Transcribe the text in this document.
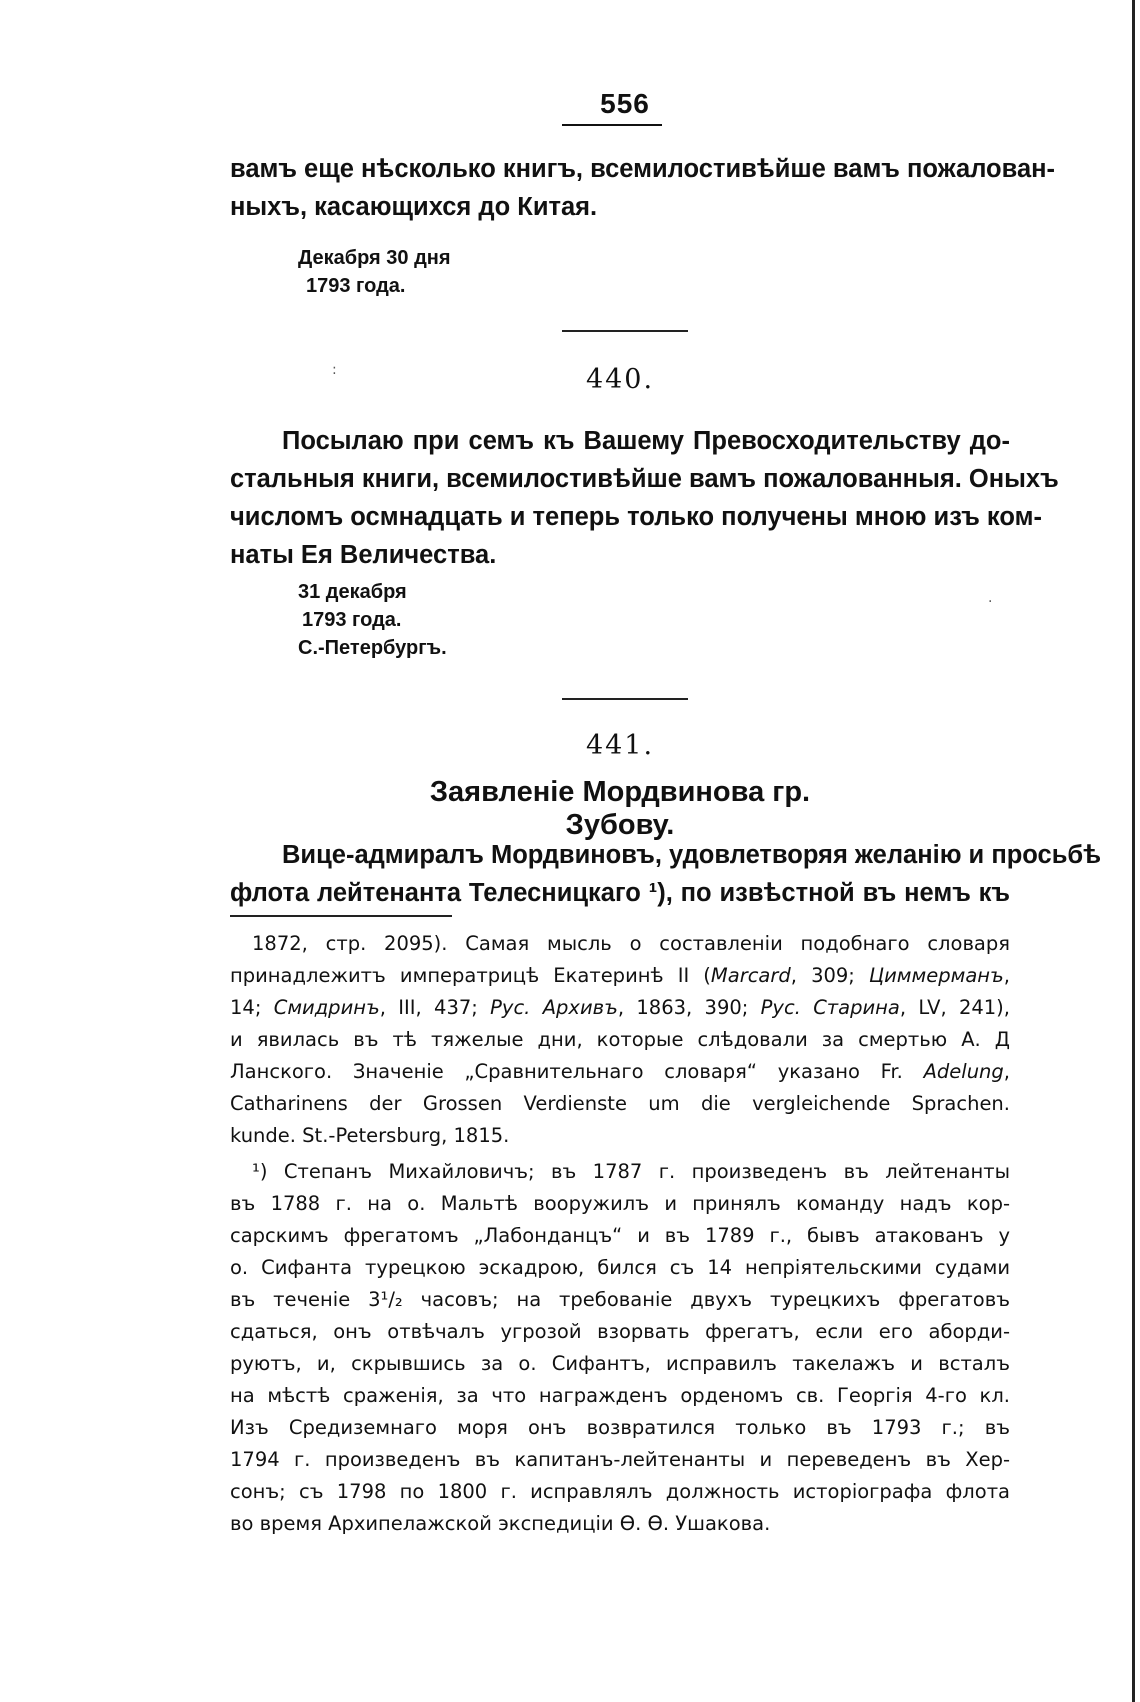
556

вамъ еще нѣсколько книгъ, всемилостивѣйше вамъ пожалован-
ныхъ, касающихся до Китая.

Декабря 30 дня
1793 года.

:	440.

Посылаю при семъ къ Вашему Превосходительству до-
стальныя книги, всемилостивѣйше вамъ пожалованныя. Оныхъ
числомъ осмнадцать и теперь только получены мною изъ ком-
наты Ея Величества.

31 декабря
1793 года.
С.-Петербургъ.

.
441.
Заявленіе Мордвинова гр. Зубову.

Вице-адмиралъ Мордвиновъ, удовлетворяя желанію и просьбѣ
флота лейтенанта Телесницкаго ¹), по извѣстной въ немъ къ

1872, стр. 2095). Самая мысль о составленіи подобнаго словаря
принадлежитъ императрицѣ Екатеринѣ II (Marcard, 309; Циммерманъ,
14; Смидринъ, III, 437; Рус. Архивъ, 1863, 390; Рус. Старина, LV, 241),
и явилась въ тѣ тяжелые дни, которые слѣдовали за смертью А. Д
Ланского. Значеніе „Сравнительнаго словаря“ указано Fr. Adelung,
Catharinens der Grossen Verdienste um die vergleichende Sprachen.
kunde. St.-Petersburg, 1815.

¹) Степанъ Михайловичъ; въ 1787 г. произведенъ въ лейтенанты
въ 1788 г. на о. Мальтѣ вооружилъ и принялъ команду надъ кор-
сарскимъ фрегатомъ „Лабонданцъ“ и въ 1789 г., бывъ атакованъ у
о. Сифанта турецкою эскадрою, бился съ 14 непріятельскими судами
въ теченіе 3¹/₂ часовъ; на требованіе двухъ турецкихъ фрегатовъ
сдаться, онъ отвѣчалъ угрозой взорвать фрегатъ, если его аборди-
руютъ, и, скрывшись за о. Сифантъ, исправилъ такелажъ и всталъ
на мѣстѣ сраженія, за что награжденъ орденомъ св. Георгія 4-го кл.
Изъ Средиземнаго моря онъ возвратился только въ 1793 г.; въ
1794 г. произведенъ въ капитанъ-лейтенанты и переведенъ въ Хер-
сонъ; съ 1798 по 1800 г. исправлялъ должность исторіографа флота
во время Архипелажской экспедиціи Ѳ. Ѳ. Ушакова.
